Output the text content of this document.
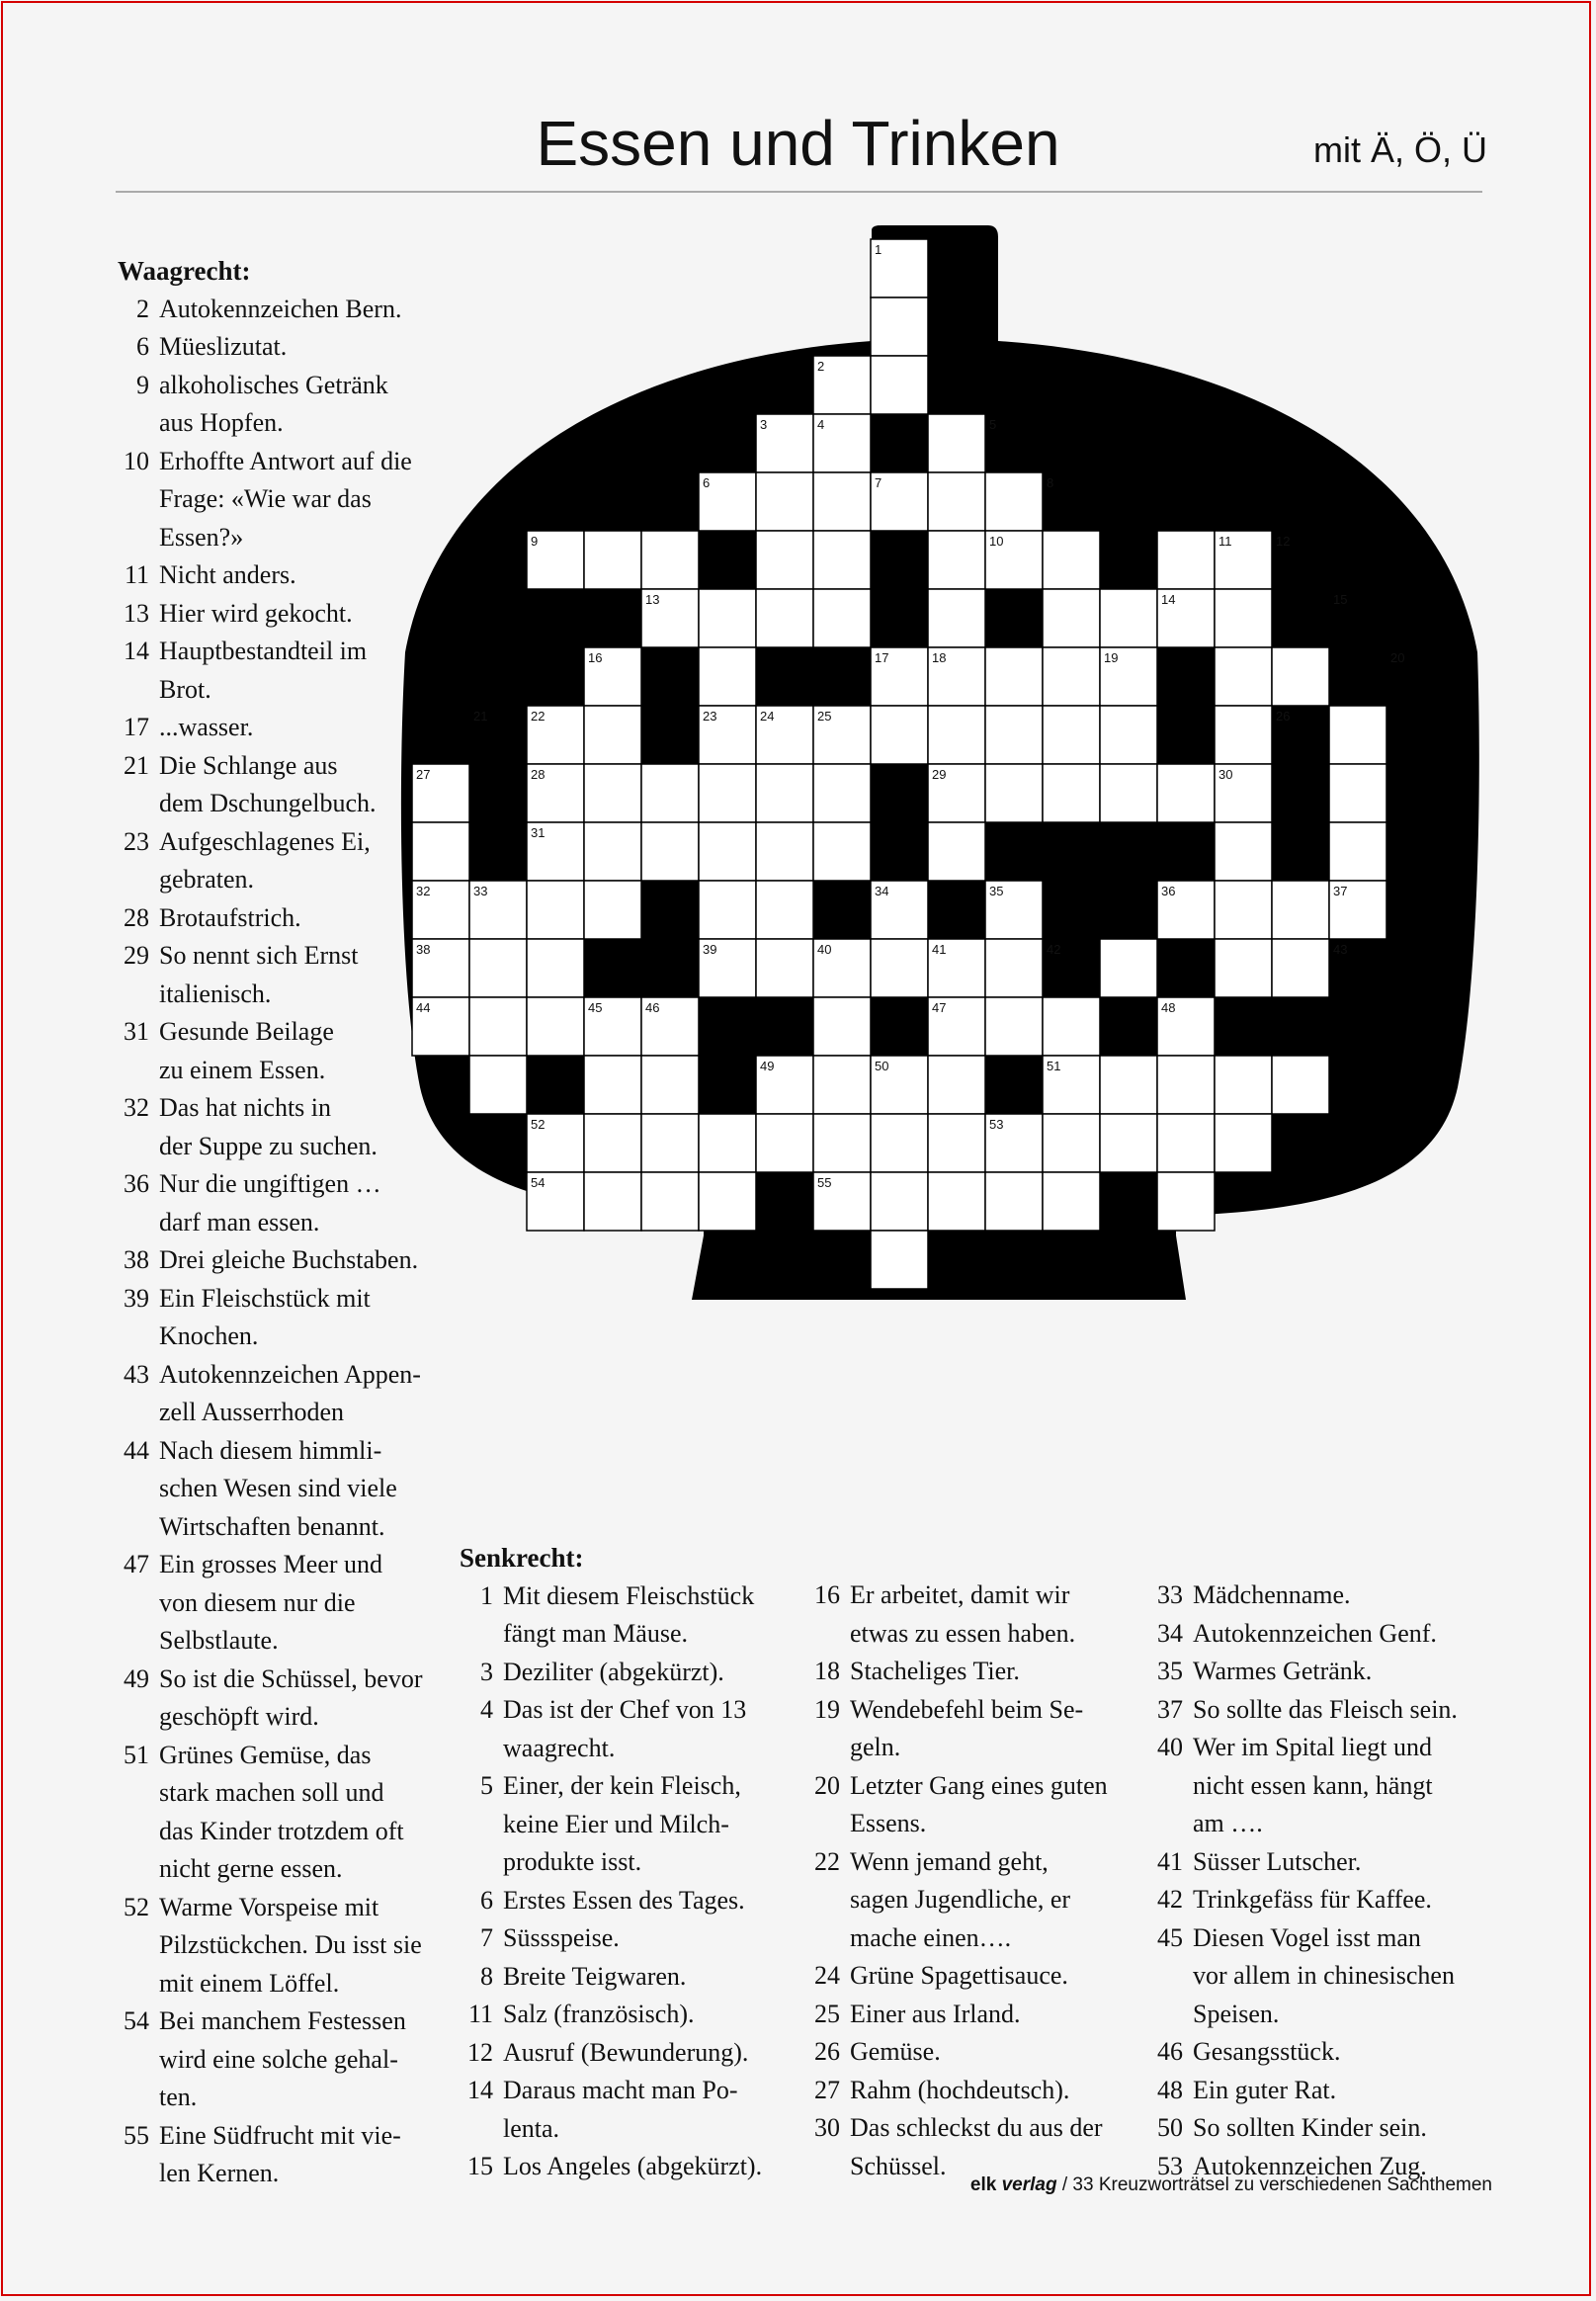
Essen und Trinken	mit Ä, Ö, Ü
1
2
3	4	5
6	7	8
9	10	11	12
13	14	15
16	17	18	19	20
21	22	23	24	25	26
27	28	29	30
31
32	33	34	35	36	37
38	39	40	41	42	43
44	45	46	47	48
49	50	51
52	53
54	55
Waagrecht:
2 Autokennzeichen Bern.
6 Müeslizutat.
9 alkoholisches Getränk
aus Hopfen.
10 Erhoffte Antwort auf die
Frage: «Wie war das
Essen?»
11 Nicht anders.
13 Hier wird gekocht.
14 Hauptbestandteil im
Brot.
17 ...wasser.
21 Die Schlange aus
dem Dschungelbuch.
23 Aufgeschlagenes Ei,
gebraten.
28 Brotaufstrich.
29 So nennt sich Ernst
italienisch.
31 Gesunde Beilage
zu einem Essen.
32 Das hat nichts in
der Suppe zu suchen.
36 Nur die ungiftigen …
darf man essen.
38 Drei gleiche Buchstaben.
39 Ein Fleischstück mit
Knochen.
43 Autokennzeichen Appen-
zell Ausserrhoden
44 Nach diesem himmli-
schen Wesen sind viele
Wirtschaften benannt.
47 Ein grosses Meer und
von diesem nur die
Selbstlaute.
49 So ist die Schüssel, bevor
geschöpft wird.
51 Grünes Gemüse, das
stark machen soll und
das Kinder trotzdem oft
nicht gerne essen.
52 Warme Vorspeise mit
Pilzstückchen. Du isst sie
mit einem Löffel.
54 Bei manchem Festessen
wird eine solche gehal-
ten.
55 Eine Südfrucht mit vie-
len Kernen.
Senkrecht:
1 Mit diesem Fleischstück
fängt man Mäuse.
3 Deziliter (abgekürzt).
4 Das ist der Chef von 13
waagrecht.
5 Einer, der kein Fleisch,
keine Eier und Milch-
produkte isst.
6 Erstes Essen des Tages.
7 Süssspeise.
8 Breite Teigwaren.
11 Salz (französisch).
12 Ausruf (Bewunderung).
14 Daraus macht man Po-
lenta.
15 Los Angeles (abgekürzt).
16 Er arbeitet, damit wir
etwas zu essen haben.
18 Stacheliges Tier.
19 Wendebefehl beim Se-
geln.
20 Letzter Gang eines guten
Essens.
22 Wenn jemand geht,
sagen Jugendliche, er
mache einen….
24 Grüne Spagettisauce.
25 Einer aus Irland.
26 Gemüse.
27 Rahm (hochdeutsch).
30 Das schleckst du aus der
Schüssel.
33 Mädchenname.
34 Autokennzeichen Genf.
35 Warmes Getränk.
37 So sollte das Fleisch sein.
40 Wer im Spital liegt und
nicht essen kann, hängt
am ….
41 Süsser Lutscher.
42 Trinkgefäss für Kaffee.
45 Diesen Vogel isst man
vor allem in chinesischen
Speisen.
46 Gesangsstück.
48 Ein guter Rat.
50 So sollten Kinder sein.
53 Autokennzeichen Zug.
elk verlag / 33 Kreuzworträtsel zu verschiedenen Sachthemen
